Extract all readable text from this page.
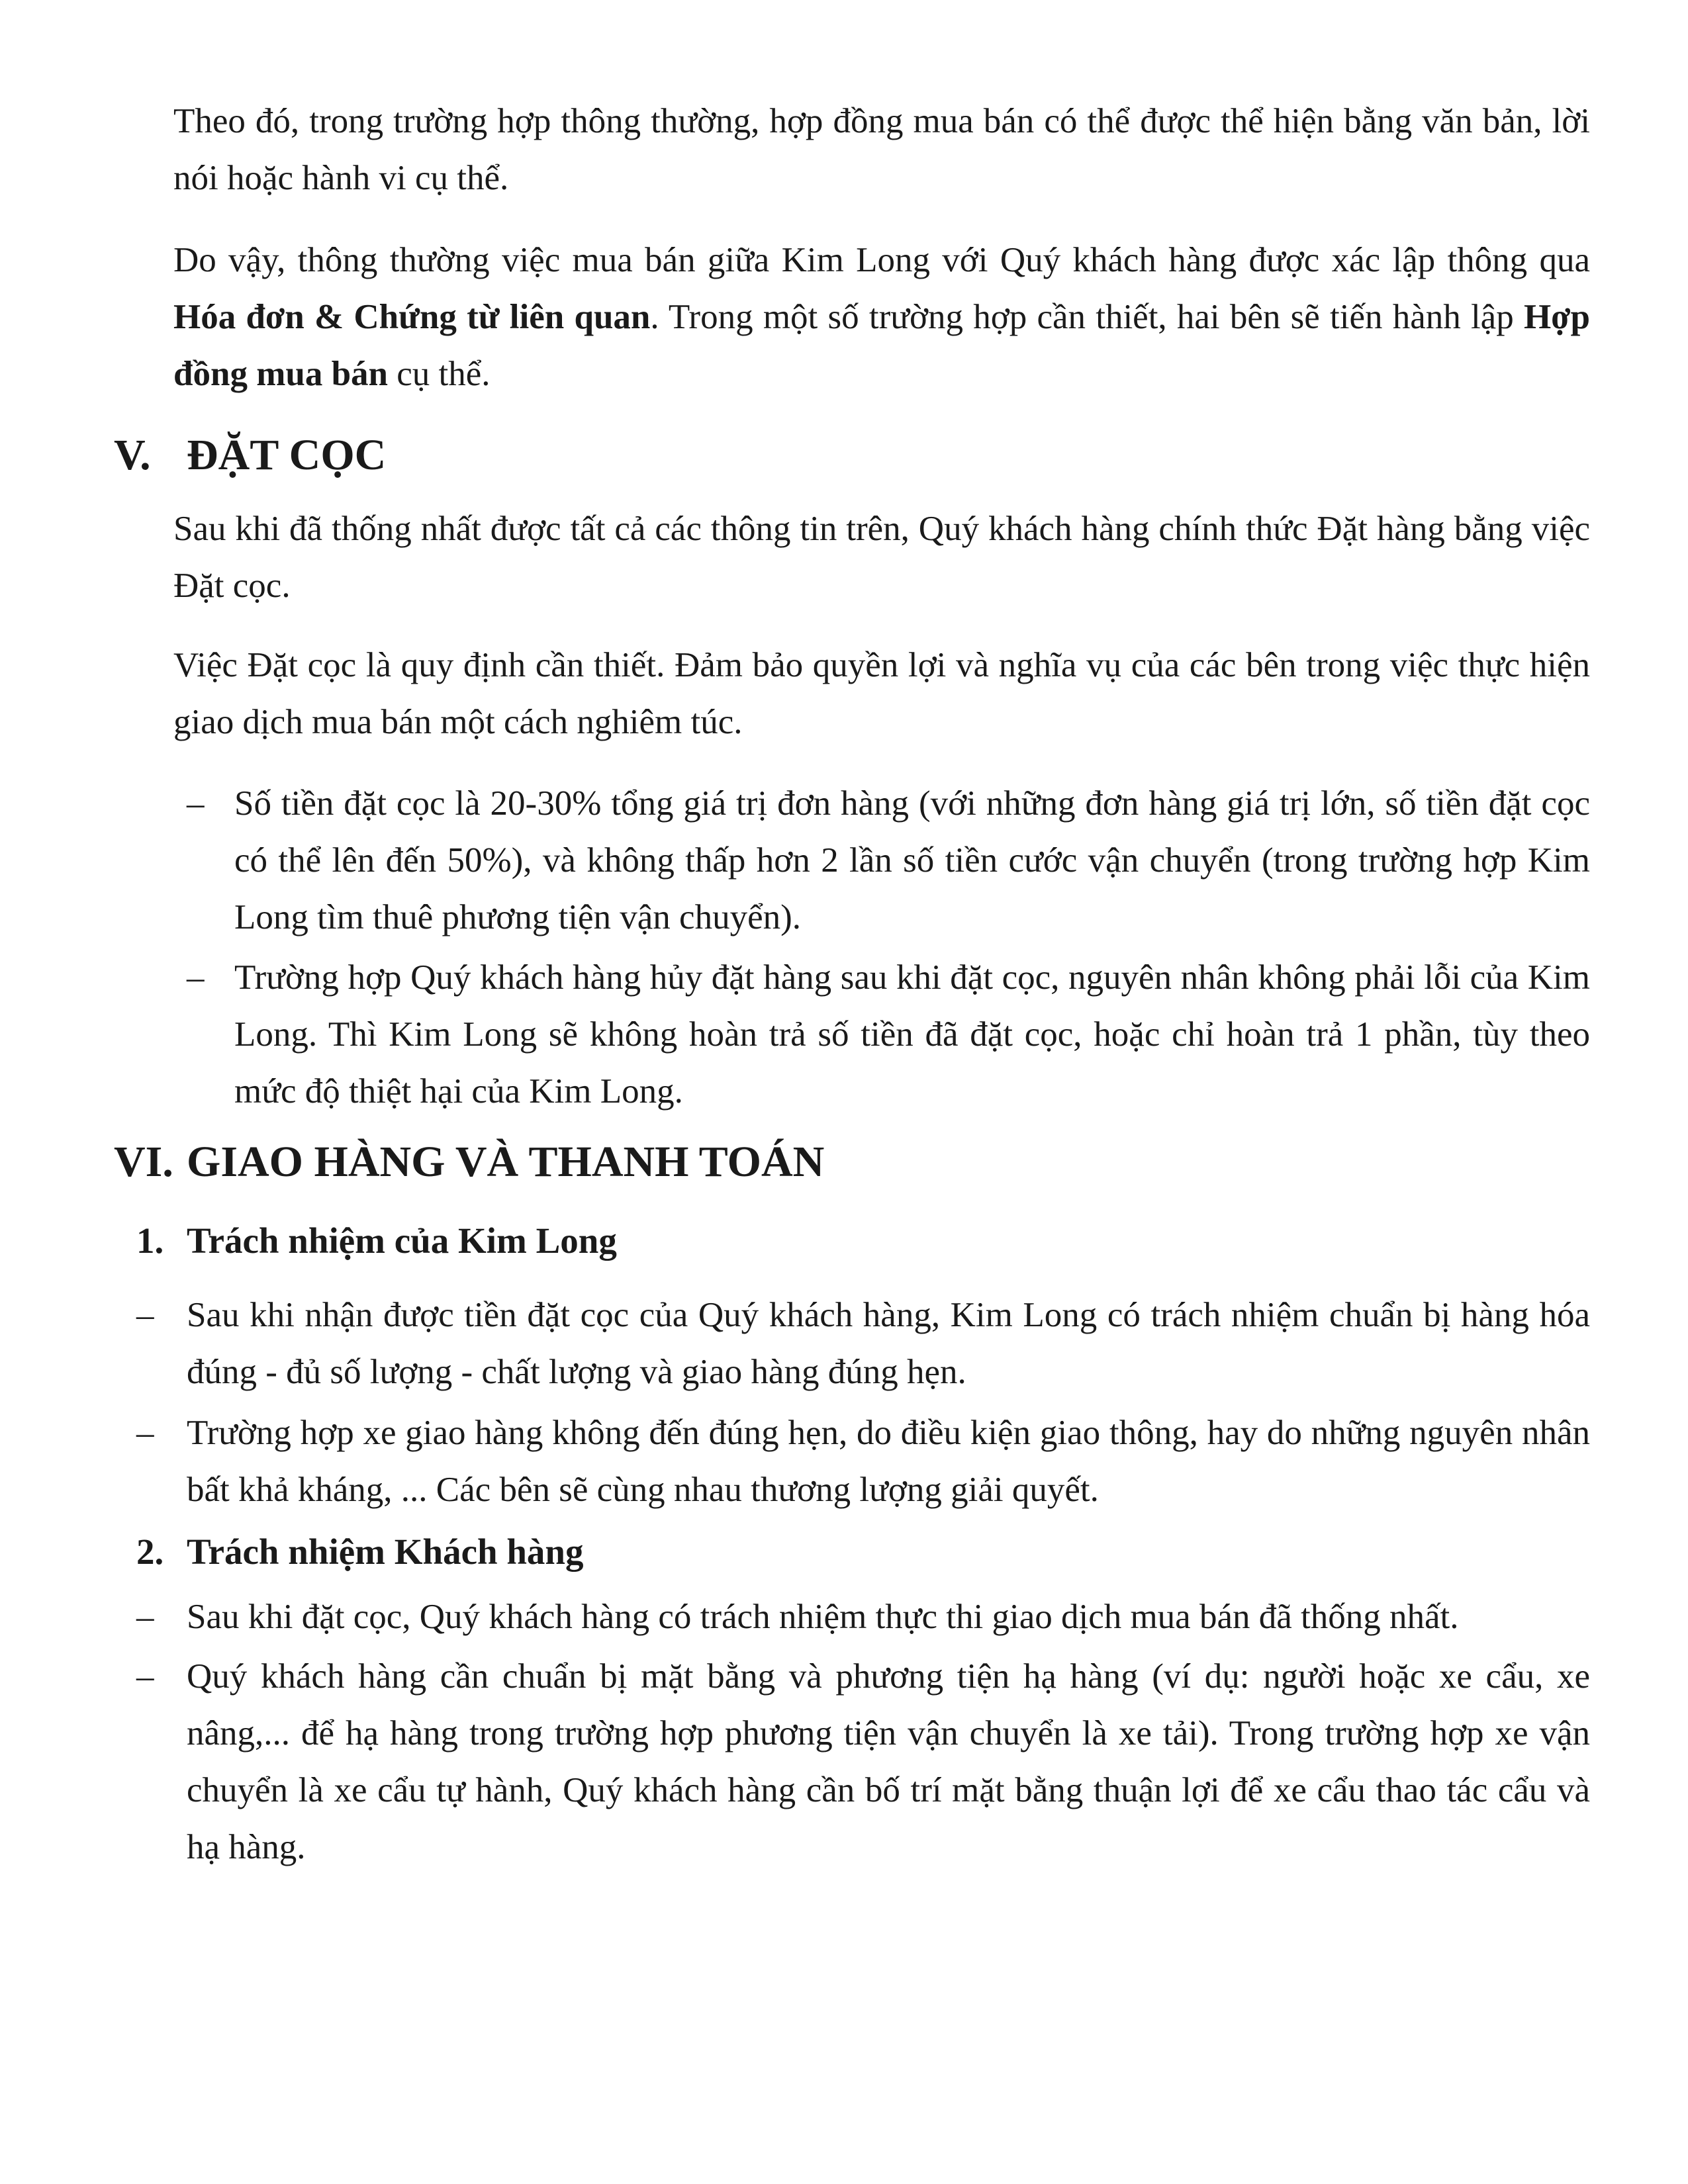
Theo đó, trong trường hợp thông thường, hợp đồng mua bán có thể được thể hiện bằng văn bản, lời nói hoặc hành vi cụ thể.

Do vậy, thông thường việc mua bán giữa Kim Long với Quý khách hàng được xác lập thông qua Hóa đơn & Chứng từ liên quan. Trong một số trường hợp cần thiết, hai bên sẽ tiến hành lập Hợp đồng mua bán cụ thể.

V. ĐẶT CỌC

Sau khi đã thống nhất được tất cả các thông tin trên, Quý khách hàng chính thức Đặt hàng bằng việc Đặt cọc.

Việc Đặt cọc là quy định cần thiết. Đảm bảo quyền lợi và nghĩa vụ của các bên trong việc thực hiện giao dịch mua bán một cách nghiêm túc.

– Số tiền đặt cọc là 20-30% tổng giá trị đơn hàng (với những đơn hàng giá trị lớn, số tiền đặt cọc có thể lên đến 50%), và không thấp hơn 2 lần số tiền cước vận chuyển (trong trường hợp Kim Long tìm thuê phương tiện vận chuyển).
– Trường hợp Quý khách hàng hủy đặt hàng sau khi đặt cọc, nguyên nhân không phải lỗi của Kim Long. Thì Kim Long sẽ không hoàn trả số tiền đã đặt cọc, hoặc chỉ hoàn trả 1 phần, tùy theo mức độ thiệt hại của Kim Long.
VI. GIAO HÀNG VÀ THANH TOÁN
1. Trách nhiệm của Kim Long
– Sau khi nhận được tiền đặt cọc của Quý khách hàng, Kim Long có trách nhiệm chuẩn bị hàng hóa đúng - đủ số lượng - chất lượng và giao hàng đúng hẹn.
– Trường hợp xe giao hàng không đến đúng hẹn, do điều kiện giao thông, hay do những nguyên nhân bất khả kháng, ... Các bên sẽ cùng nhau thương lượng giải quyết.
2. Trách nhiệm Khách hàng
– Sau khi đặt cọc, Quý khách hàng có trách nhiệm thực thi giao dịch mua bán đã thống nhất.
– Quý khách hàng cần chuẩn bị mặt bằng và phương tiện hạ hàng (ví dụ: người hoặc xe cẩu, xe nâng,... để hạ hàng trong trường hợp phương tiện vận chuyển là xe tải). Trong trường hợp xe vận chuyển là xe cẩu tự hành, Quý khách hàng cần bố trí mặt bằng thuận lợi để xe cẩu thao tác cẩu và hạ hàng.
